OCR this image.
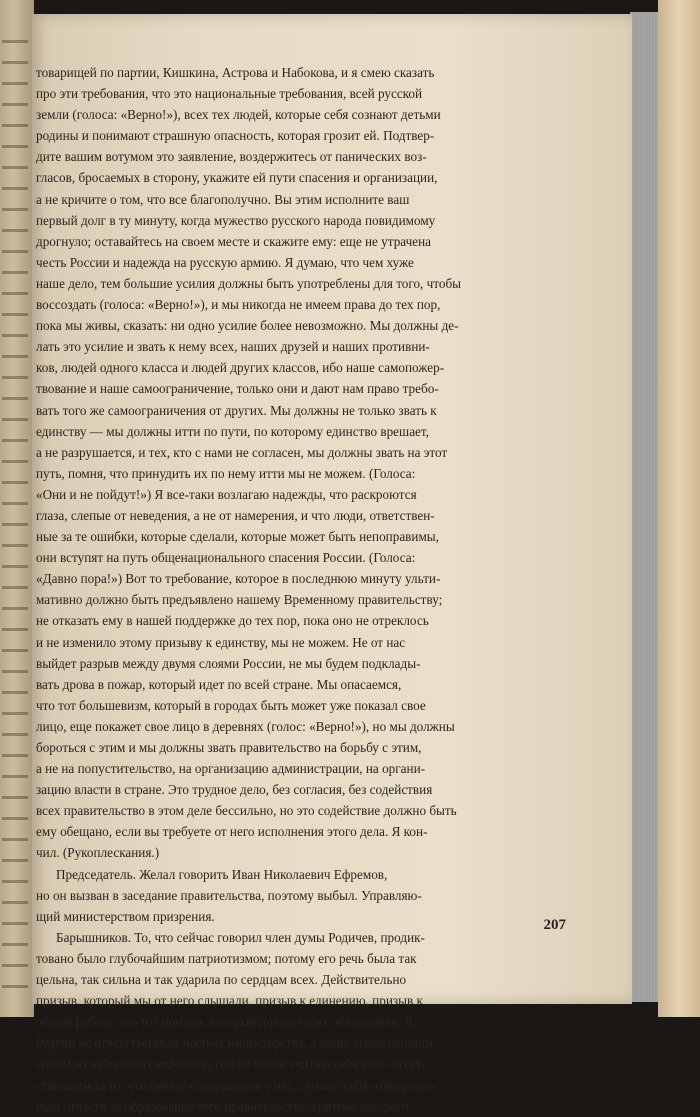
товарищей по партии, Кишкина, Астрова и Набокова, и я смею сказать
про эти требования, что это национальные требования, всей русской
земли (голоса: «Верно!»), всех тех людей, которые себя сознают детьми
родины и понимают страшную опасность, которая грозит ей. Подтвер-
дите вашим вотумом это заявление, воздержитесь от панических воз-
гласов, бросаемых в сторону, укажите ей пути спасения и организации,
а не кричите о том, что все благополучно. Вы этим исполните ваш
первый долг в ту минуту, когда мужество русского народа повидимому
дрогнуло; оставайтесь на своем месте и скажите ему: еще не утрачена
честь России и надежда на русскую армию. Я думаю, что чем хуже
наше дело, тем большие усилия должны быть употреблены для того, чтобы
воссоздать (голоса: «Верно!»), и мы никогда не имеем права до тех пор,
пока мы живы, сказать: ни одно усилие более невозможно. Мы должны де-
лать это усилие и звать к нему всех, наших друзей и наших противни-
ков, людей одного класса и людей других классов, ибо наше самопожер-
твование и наше самоограничение, только они и дают нам право требо-
вать того же самоограничения от других. Мы должны не только звать к
единству — мы должны итти по пути, по которому единство врешает,
а не разрушается, и тех, кто с нами не согласен, мы должны звать на этот
путь, помня, что принудить их по нему итти мы не можем. (Голоса:
«Они и не пойдут!») Я все-таки возлагаю надежды, что раскроются
глаза, слепые от неведения, а не от намерения, и что люди, ответствен-
ные за те ошибки, которые сделали, которые может быть непоправимы,
они вступят на путь общенационального спасения России. (Голоса:
«Давно пора!») Вот то требование, которое в последнюю минуту ульти-
мативно должно быть предъявлено нашему Временному правительству;
не отказать ему в нашей поддержке до тех пор, пока оно не отреклось
и не изменило этому призыву к единству, мы не можем. Не от нас
выйдет разрыв между двумя слоями России, не мы будем подклады-
вать дрова в пожар, который идет по всей стране. Мы опасаемся,
что тот большевизм, который в городах быть может уже показал свое
лицо, еще покажет свое лицо в деревнях (голос: «Верно!»), но мы должны
бороться с этим и мы должны звать правительство на борьбу с этим,
а не на попустительство, на организацию администрации, на органи-
зацию власти в стране. Это трудное дело, без согласия, без содействия
всех правительство в этом деле бессильно, но это содействие должно быть
ему обещано, если вы требуете от него исполнения этого дела. Я кон-
чил. (Рукоплескания.)
Председатель. Желал говорить Иван Николаевич Ефремов,
но он вызван в заседание правительства, поэтому выбыл. Управляю-
щий министерством призрения.
Барышников. То, что сейчас говорил член думы Родичев, продик-
товано было глубочайшим патриотизмом; потому его речь была так
цельна, так сильна и так ударила по сердцам всех. Действительно
призыв, который мы от него слышали, призыв к единению, призыв к
общей работе, это тот призыв, который должен всех объединить. Я,
будучи не ответственным членом министерства, а лишь управляющим
одним из небольших ведомств, тем не менее считаю себя тоже ответ-
ственным за то, что сейчас совершается у нас, считаю себя ответствен-
ным отчасти за образование того правительства, критике которого
207
